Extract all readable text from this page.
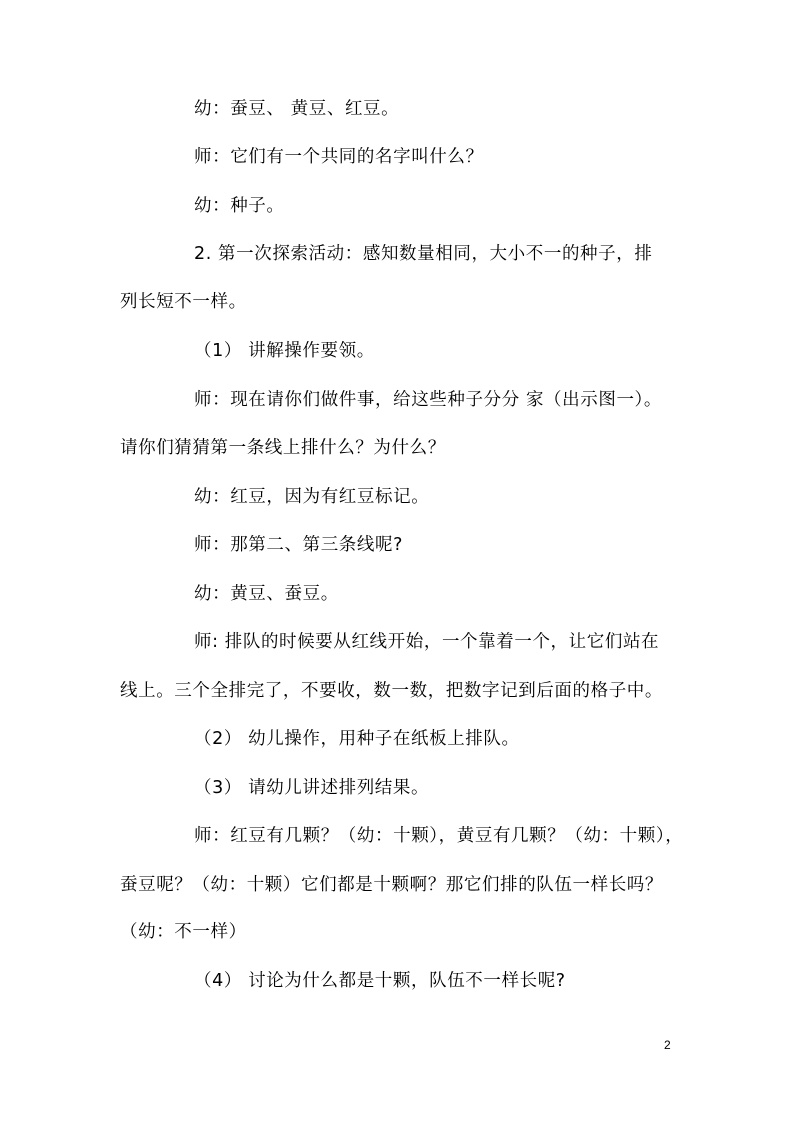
幼：蚕豆、 黄豆、红豆。
师：它们有一个共同的名字叫什么？
幼：种子。
2. 第一次探索活动：感知数量相同，大小不一的种子，排
列长短不一样。
（1） 讲解操作要领。
师：现在请你们做件事，给这些种子分分 家（出示图一）。
请你们猜猜第一条线上排什么？为什么？
幼：红豆，因为有红豆标记。
师：那第二、第三条线呢?
幼：黄豆、蚕豆。
师: 排队的时候要从红线开始，一个靠着一个，让它们站在
线上。三个全排完了，不要收，数一数，把数字记到后面的格子中。
（2） 幼儿操作，用种子在纸板上排队。
（3） 请幼儿讲述排列结果。
师：红豆有几颗？（幼：十颗），黄豆有几颗？（幼：十颗），
蚕豆呢？（幼：十颗）它们都是十颗啊？那它们排的队伍一样长吗？
（幼：不一样）
（4） 讨论为什么都是十颗，队伍不一样长呢?
2
